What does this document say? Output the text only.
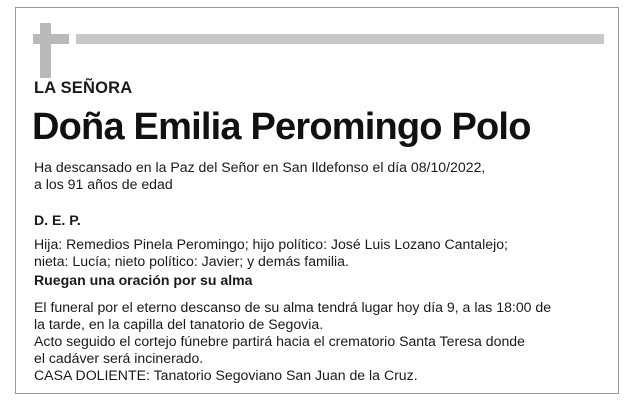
LA SEÑORA
Doña Emilia Peromingo Polo
Ha descansado en la Paz del Señor en San Ildefonso el día 08/10/2022,
a los 91 años de edad
D. E. P.
Hija: Remedios Pinela Peromingo; hijo político: José Luis Lozano Cantalejo;
nieta: Lucía; nieto político: Javier; y demás familia.
Ruegan una oración por su alma
El funeral por el eterno descanso de su alma tendrá lugar hoy día 9, a las 18:00 de
la tarde, en la capilla del tanatorio de Segovia.
Acto seguido el cortejo fúnebre partirá hacia el crematorio Santa Teresa donde
el cadáver será incinerado.
CASA DOLIENTE: Tanatorio Segoviano San Juan de la Cruz.
